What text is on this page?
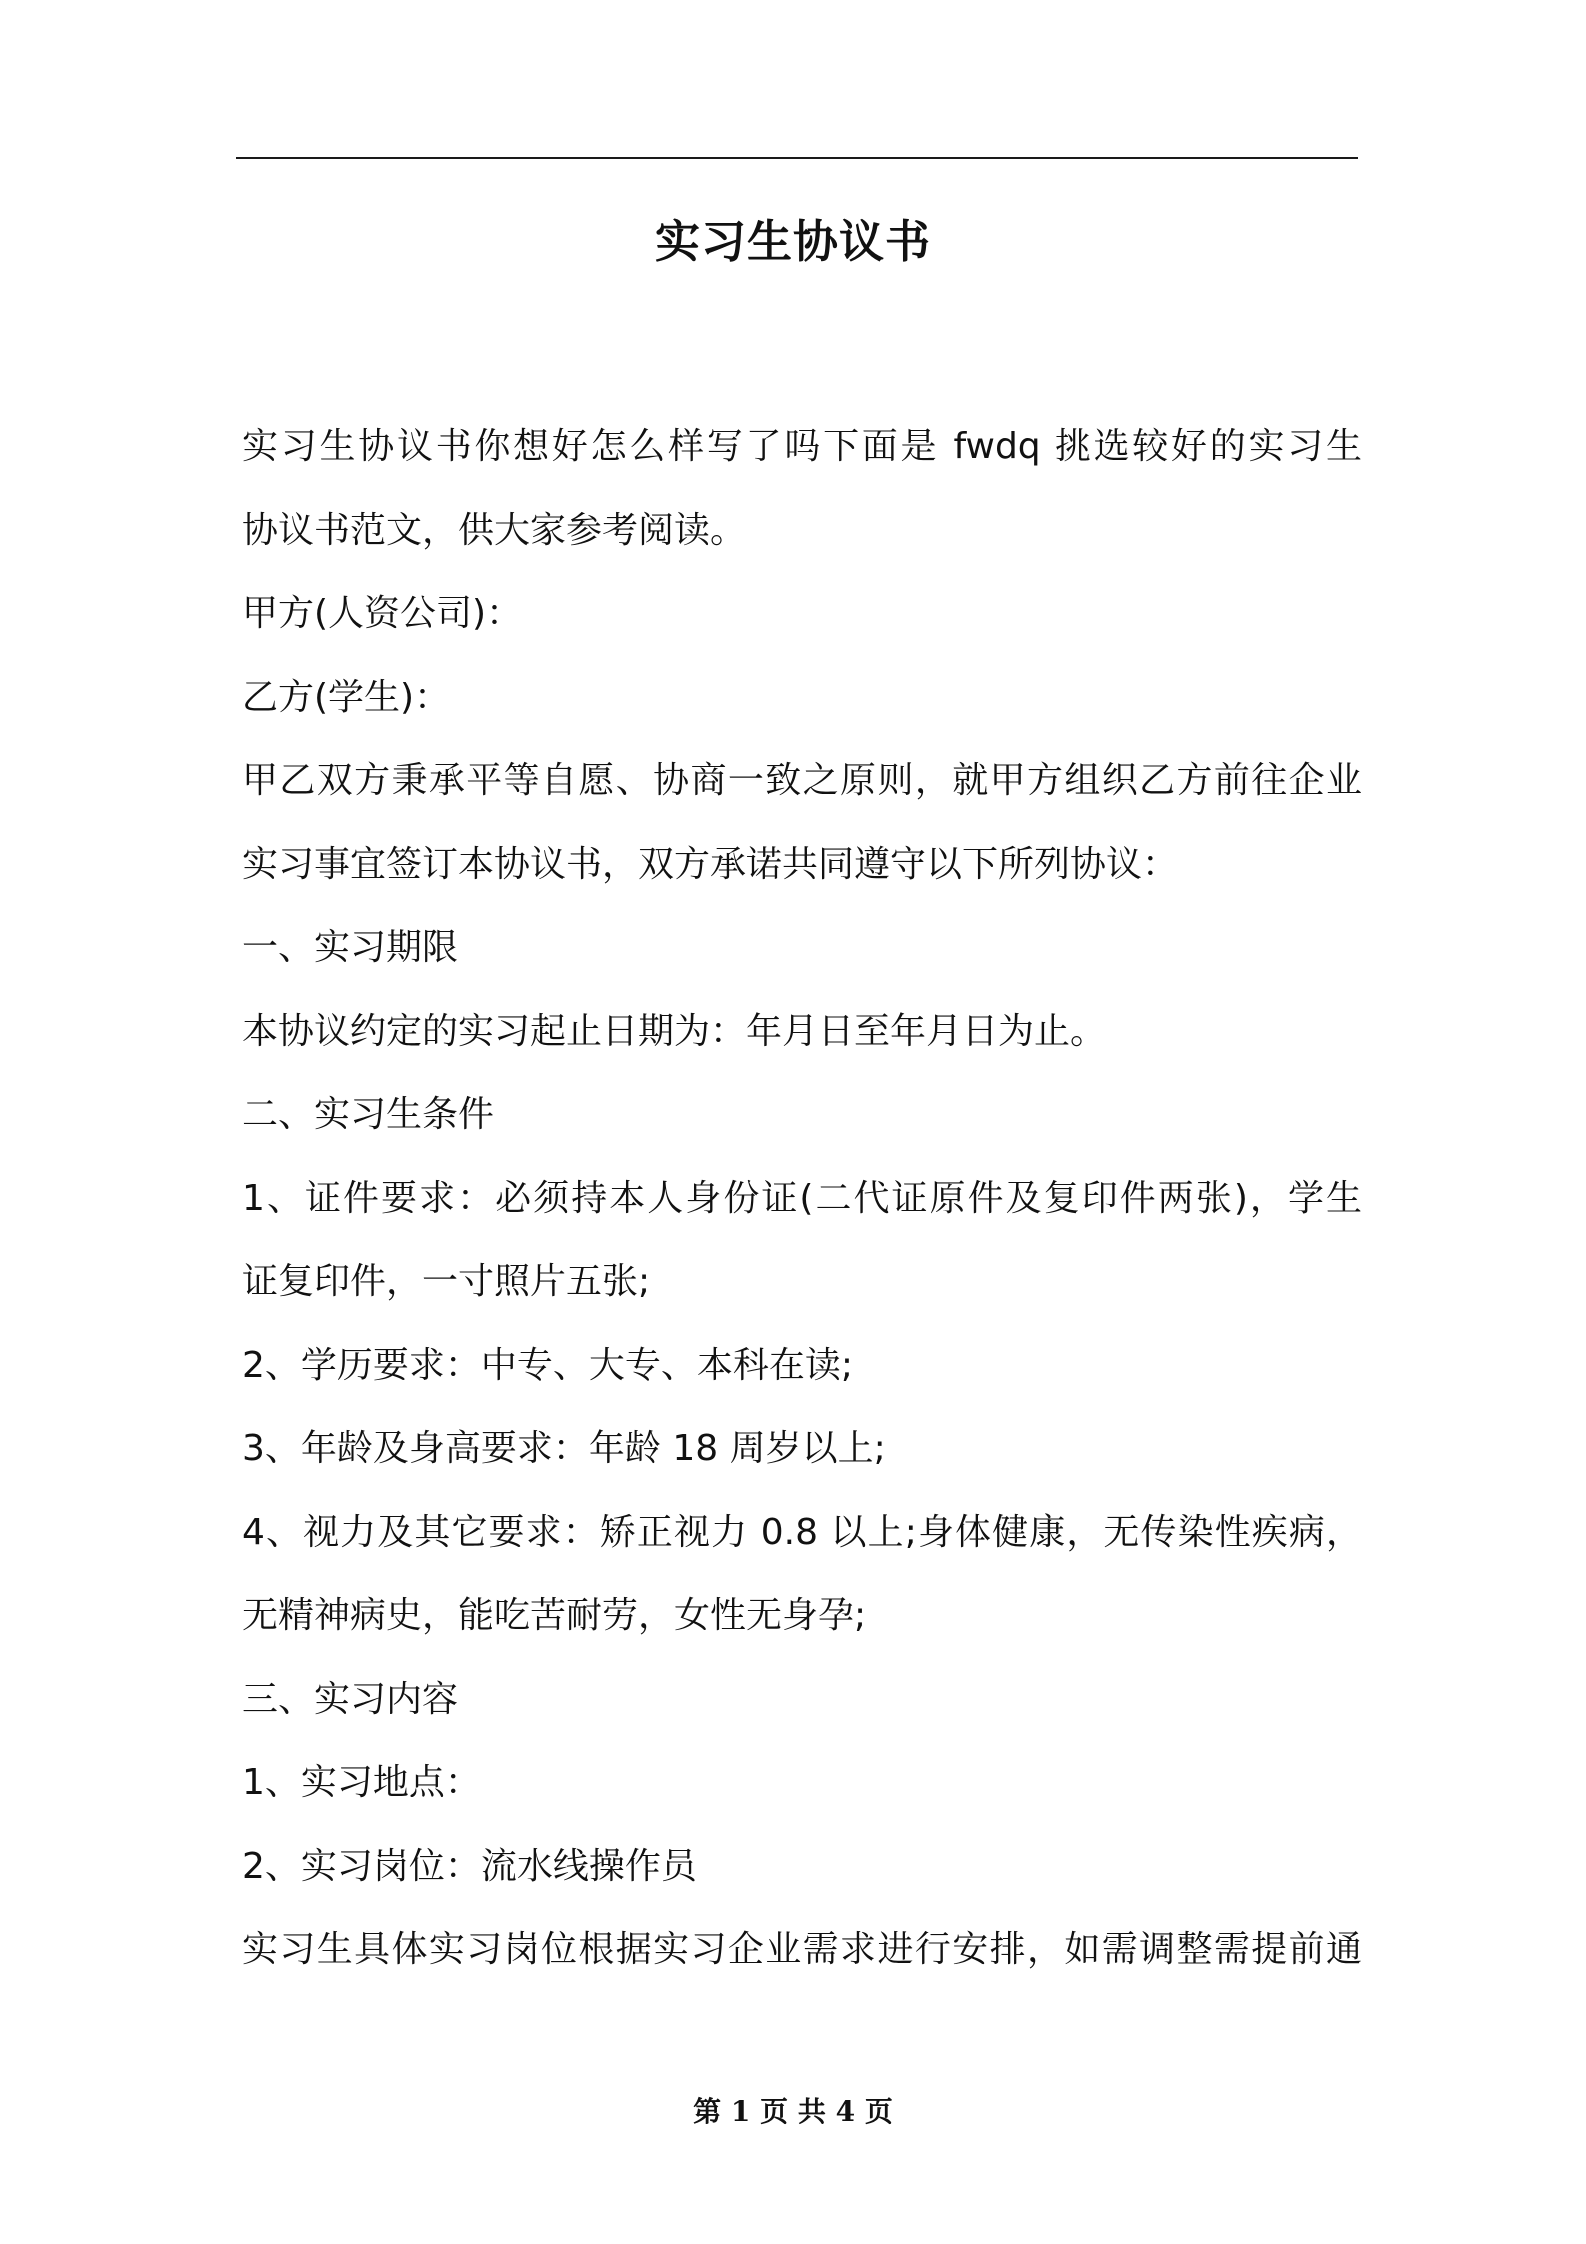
实习生协议书
实习生协议书你想好怎么样写了吗下面是 fwdq 挑选较好的实习生
协议书范文，供大家参考阅读。
甲方(人资公司)：
乙方(学生)：
甲乙双方秉承平等自愿、协商一致之原则，就甲方组织乙方前往企业
实习事宜签订本协议书，双方承诺共同遵守以下所列协议：
一、实习期限
本协议约定的实习起止日期为：年月日至年月日为止。
二、实习生条件
1、证件要求：必须持本人身份证(二代证原件及复印件两张)，学生
证复印件，一寸照片五张;
2、学历要求：中专、大专、本科在读;
3、年龄及身高要求：年龄 18 周岁以上;
4、视力及其它要求：矫正视力 0.8 以上;身体健康，无传染性疾病，
无精神病史，能吃苦耐劳，女性无身孕;
三、实习内容
1、实习地点：
2、实习岗位：流水线操作员
实习生具体实习岗位根据实习企业需求进行安排，如需调整需提前通
第 1 页 共 4 页
